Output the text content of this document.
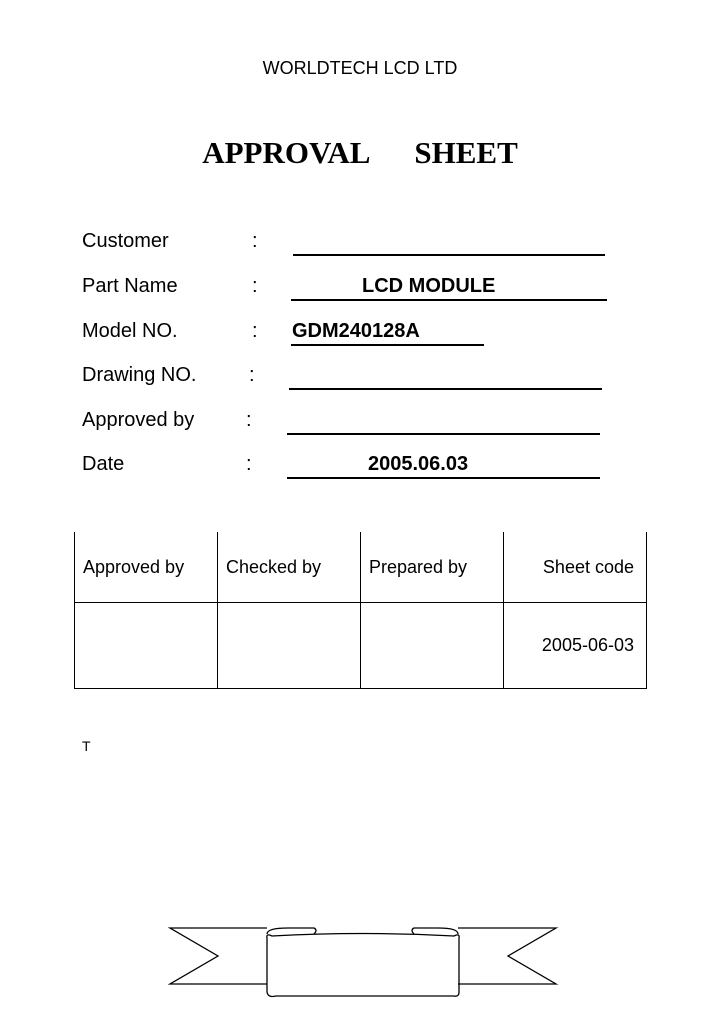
WORLDTECH LCD LTD
APPROVAL SHEET
Customer	:
Part Name	:	LCD MODULE
Model NO.	: GDM240128A
Drawing NO.	:
Approved by	:
Date	:	2005.06.03
Approved by	Checked by	Prepared by	Sheet code

			2005-06-03
T
